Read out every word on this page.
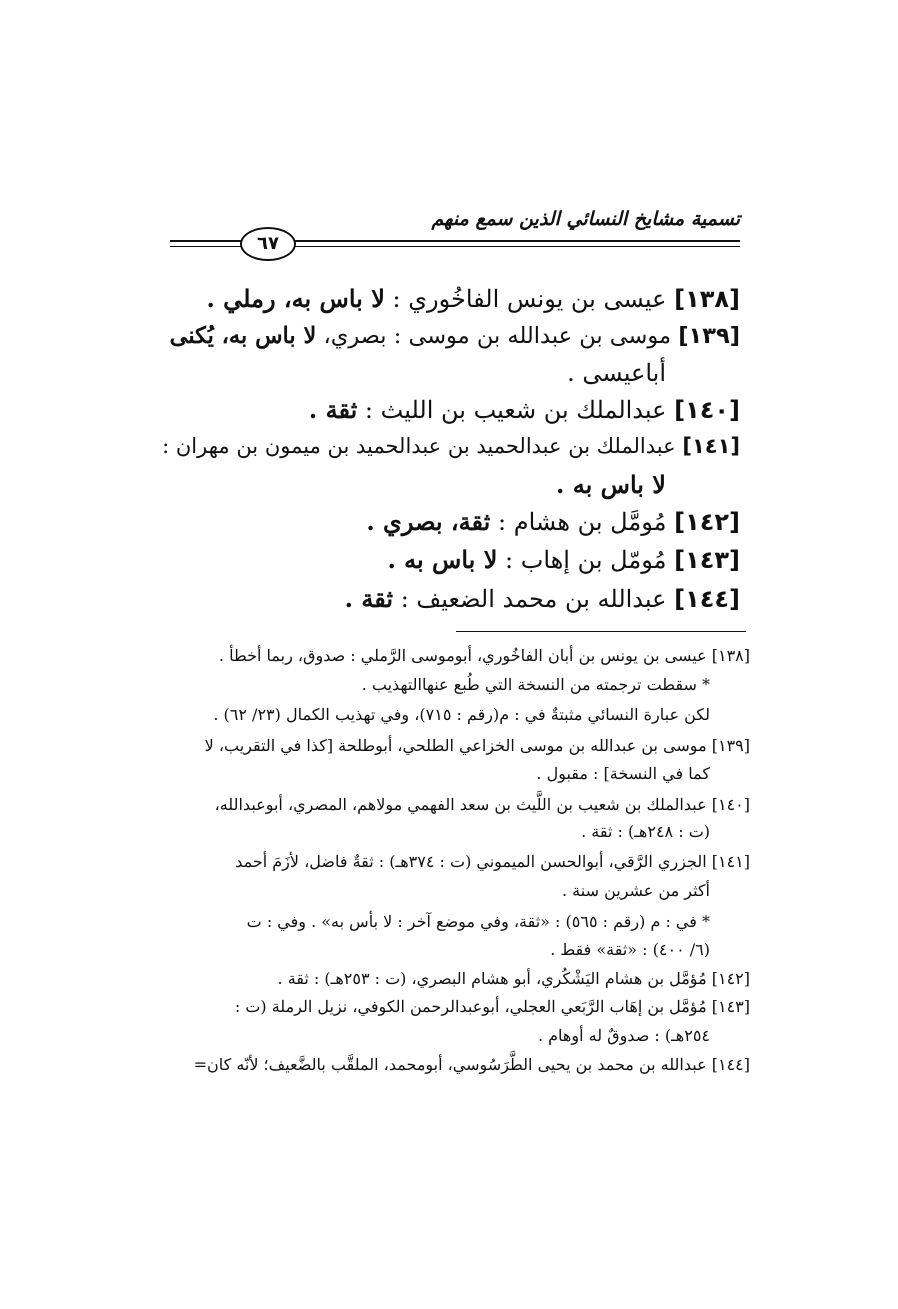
تسمية مشايخ النسائي الذين سمع منهم
٦٧
[١٣٨] عيسى بن يونس الفاخُوري : لا باس به، رملي .
[١٣٩] موسى بن عبدالله بن موسى : بصري، لا باس به، يُكنى
أباعيسى .
[١٤٠] عبدالملك بن شعيب بن الليث : ثقة .
[١٤١] عبدالملك بن عبدالحميد بن عبدالحميد بن ميمون بن مهران :
لا باس به .
[١٤٢] مُومَّل بن هشام : ثقة، بصري .
[١٤٣] مُومّل بن إهاب : لا باس به .
[١٤٤] عبدالله بن محمد الضعيف : ثقة .
[١٣٨] عيسى بن يونس بن أبان الفاخُوري، أبوموسى الرَّملي : صدوق، ربما أخطأ .
* سقطت ترجمته من النسخة التي طُبع عنهاالتهذيب .
لكن عبارة النسائي مثبتةٌ في : م(رقم : ٧١٥)، وفي تهذيب الكمال (٢٣/ ٦٢) .
[١٣٩] موسى بن عبدالله بن موسى الخزاعي الطلحي، أبوطلحة [كذا في التقريب، لا
كما في النسخة] : مقبول .
[١٤٠] عبدالملك بن شعيب بن اللَّيث بن سعد الفهمي مولاهم، المصري، أبوعبدالله،
(ت : ٢٤٨هـ) : ثقة .
[١٤١] الجزري الرَّقي، أبوالحسن الميموني (ت : ٣٧٤هـ) : ثقةٌ فاضل، لأزَمَ أحمد
أكثر من عشرين سنة .
* في : م (رقم : ٥٦٥) : «ثقة، وفي موضع آخر : لا بأس به» . وفي : ت
(٦/ ٤٠٠) : «ثقة» فقط .
[١٤٢] مُؤمَّل بن هشام اليَشْكُري، أبو هشام البصري، (ت : ٢٥٣هـ) : ثقة .
[١٤٣] مُؤمَّل بن إهَاب الرَّبَعي العجلي، أبوعبدالرحمن الكوفي، نزيل الرملة (ت :
٢٥٤هـ) : صدوقٌ له أوهام .
[١٤٤] عبدالله بن محمد بن يحيى الطَّرَسُوسي، أبومحمد، الملقَّب بالضَّعيف؛ لأنّه كان=
